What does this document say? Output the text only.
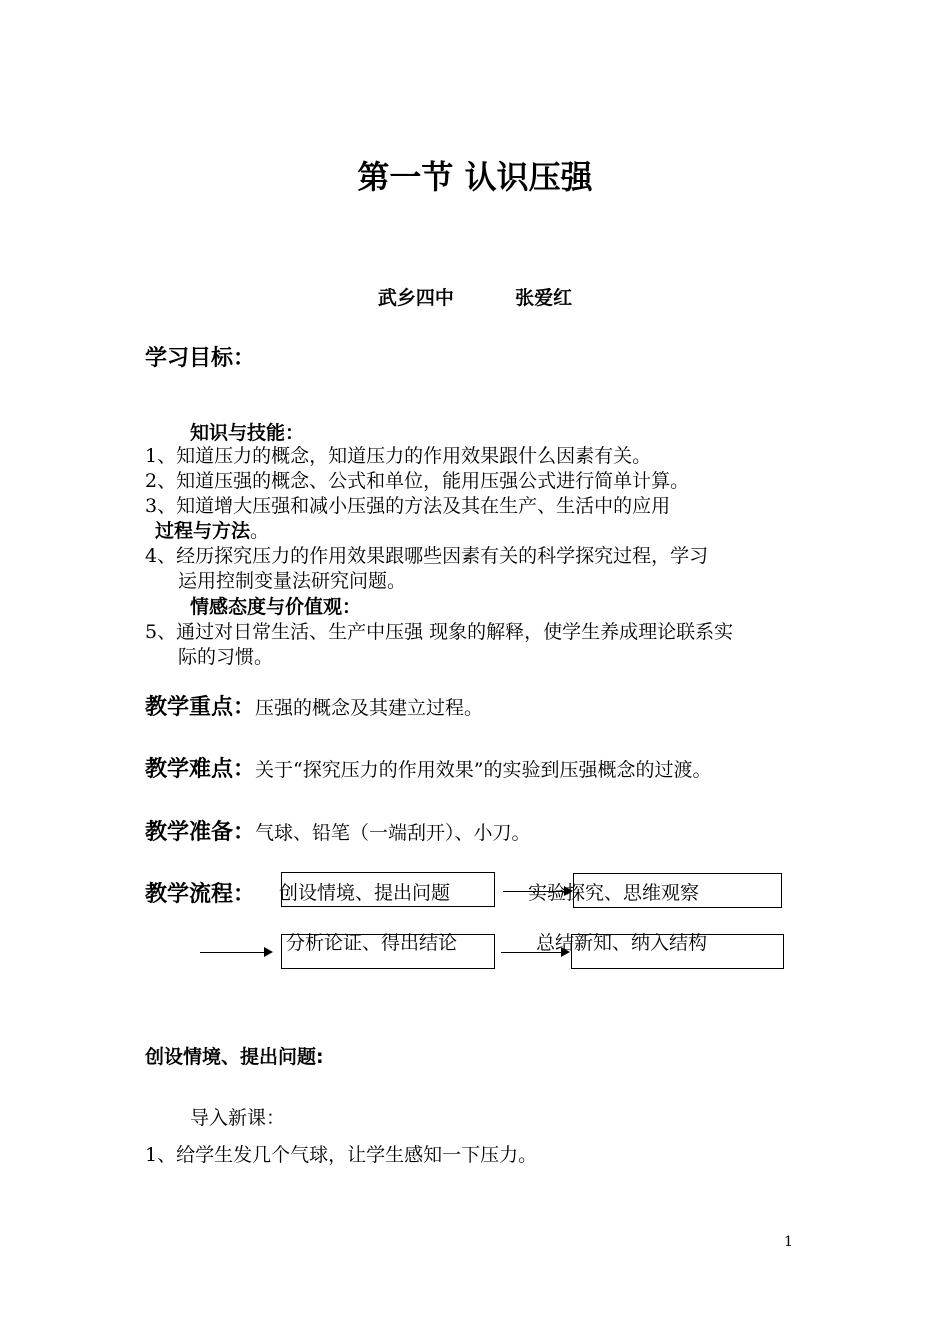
第一节 认识压强
武乡四中	张爱红
学习目标：
知识与技能：
1、知道压力的概念，知道压力的作用效果跟什么因素有关。
2、知道压强的概念、公式和单位，能用压强公式进行简单计算。
3、知道增大压强和减小压强的方法及其在生产、生活中的应用
过程与方法。
4、经历探究压力的作用效果跟哪些因素有关的科学探究过程，学习
运用控制变量法研究问题。
情感态度与价值观：
5、通过对日常生活、生产中压强 现象的解释，使学生养成理论联系实
际的习惯。
教学重点：压强的概念及其建立过程。
教学难点：关于“探究压力的作用效果”的实验到压强概念的过渡。
教学准备：气球、铅笔（一端刮开）、小刀。
教学流程： 创设情境、提出问题	实验探究、思维观察
分析论证、得出结论	总结新知、纳入结构
创设情境、提出问题:
导入新课：
1、给学生发几个气球，让学生感知一下压力。
1
